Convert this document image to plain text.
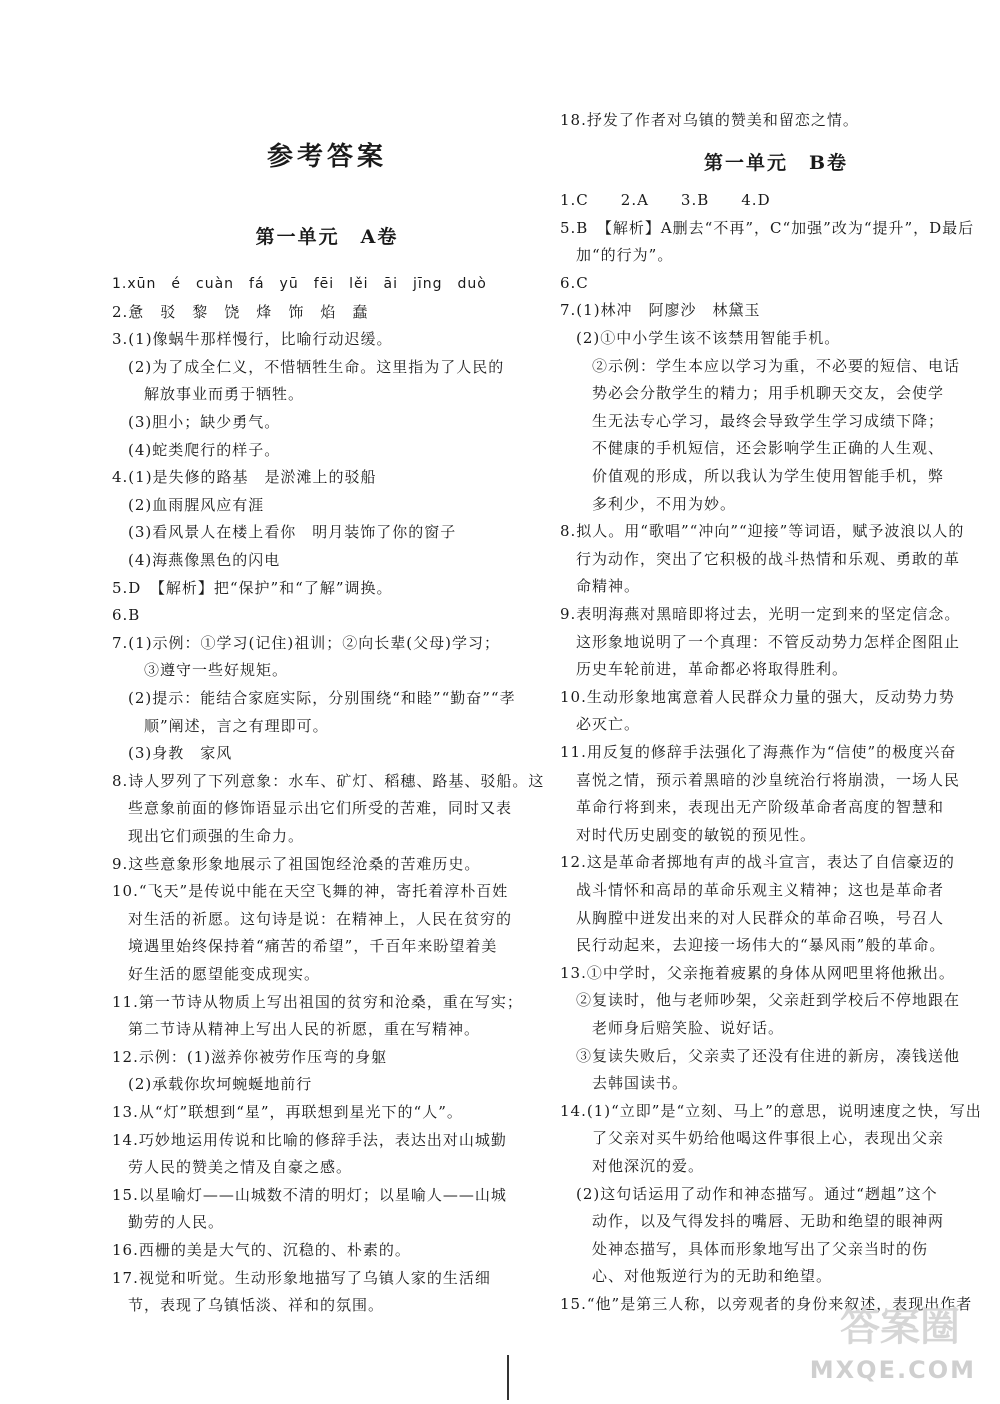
参考答案
第一单元　A卷
1.xūn　é　cuàn　fá　yū　fēi　lěi　āi　jīng　duò
2.惫　驳　黎　饶　烽　饰　焰　蠢
3.(1)像蜗牛那样慢行，比喻行动迟缓。
　(2)为了成全仁义，不惜牺牲生命。这里指为了人民的
　　解放事业而勇于牺牲。
　(3)胆小；缺少勇气。
　(4)蛇类爬行的样子。
4.(1)是失修的路基　是淤滩上的驳船
　(2)血雨腥风应有涯
　(3)看风景人在楼上看你　明月装饰了你的窗子
　(4)海燕像黑色的闪电
5.D　【解析】把“保护”和“了解”调换。
6.B
7.(1)示例：①学习(记住)祖训；②向长辈(父母)学习；
　　③遵守一些好规矩。
　(2)提示：能结合家庭实际，分别围绕“和睦”“勤奋”“孝
　　顺”阐述，言之有理即可。
　(3)身教　家风
8.诗人罗列了下列意象：水车、矿灯、稻穗、路基、驳船。这
　些意象前面的修饰语显示出它们所受的苦难，同时又表
　现出它们顽强的生命力。
9.这些意象形象地展示了祖国饱经沧桑的苦难历史。
10.“飞天”是传说中能在天空飞舞的神，寄托着淳朴百姓
　对生活的祈愿。这句诗是说：在精神上，人民在贫穷的
　境遇里始终保持着“痛苦的希望”，千百年来盼望着美
　好生活的愿望能变成现实。
11.第一节诗从物质上写出祖国的贫穷和沧桑，重在写实；
　第二节诗从精神上写出人民的祈愿，重在写精神。
12.示例：(1)滋养你被劳作压弯的身躯
　(2)承载你坎坷蜿蜒地前行
13.从“灯”联想到“星”，再联想到星光下的“人”。
14.巧妙地运用传说和比喻的修辞手法，表达出对山城勤
　劳人民的赞美之情及自豪之感。
15.以星喻灯——山城数不清的明灯；以星喻人——山城
　勤劳的人民。
16.西栅的美是大气的、沉稳的、朴素的。
17.视觉和听觉。生动形象地描写了乌镇人家的生活细
　节，表现了乌镇恬淡、祥和的氛围。
18.抒发了作者对乌镇的赞美和留恋之情。
第一单元　B卷
1.C　　2.A　　3.B　　4.D
5.B　【解析】A删去“不再”，C“加强”改为“提升”，D最后
　加“的行为”。
6.C
7.(1)林冲　阿廖沙　林黛玉
　(2)①中小学生该不该禁用智能手机。
　　②示例：学生本应以学习为重，不必要的短信、电话
　　势必会分散学生的精力；用手机聊天交友，会使学
　　生无法专心学习，最终会导致学生学习成绩下降；
　　不健康的手机短信，还会影响学生正确的人生观、
　　价值观的形成，所以我认为学生使用智能手机，弊
　　多利少，不用为妙。
8.拟人。用“歌唱”“冲向”“迎接”等词语，赋予波浪以人的
　行为动作，突出了它积极的战斗热情和乐观、勇敢的革
　命精神。
9.表明海燕对黑暗即将过去，光明一定到来的坚定信念。
　这形象地说明了一个真理：不管反动势力怎样企图阻止
　历史车轮前进，革命都必将取得胜利。
10.生动形象地寓意着人民群众力量的强大，反动势力势
　必灭亡。
11.用反复的修辞手法强化了海燕作为“信使”的极度兴奋
　喜悦之情，预示着黑暗的沙皇统治行将崩溃，一场人民
　革命行将到来，表现出无产阶级革命者高度的智慧和
　对时代历史剧变的敏锐的预见性。
12.这是革命者掷地有声的战斗宣言，表达了自信豪迈的
　战斗情怀和高昂的革命乐观主义精神；这也是革命者
　从胸膛中迸发出来的对人民群众的革命召唤，号召人
　民行动起来，去迎接一场伟大的“暴风雨”般的革命。
13.①中学时，父亲拖着疲累的身体从网吧里将他揪出。
　②复读时，他与老师吵架，父亲赶到学校后不停地跟在
　　老师身后赔笑脸、说好话。
　③复读失败后，父亲卖了还没有住进的新房，凑钱送他
　　去韩国读书。
14.(1)“立即”是“立刻、马上”的意思，说明速度之快，写出
　　了父亲对买牛奶给他喝这件事很上心，表现出父亲
　　对他深沉的爱。
　(2)这句话运用了动作和神态描写。通过“趔趄”这个
　　动作，以及气得发抖的嘴唇、无助和绝望的眼神两
　　处神态描写，具体而形象地写出了父亲当时的伤
　　心、对他叛逆行为的无助和绝望。
15.“他”是第三人称，以旁观者的身份来叙述，表现出作者
答案圈
MXQE.COM
